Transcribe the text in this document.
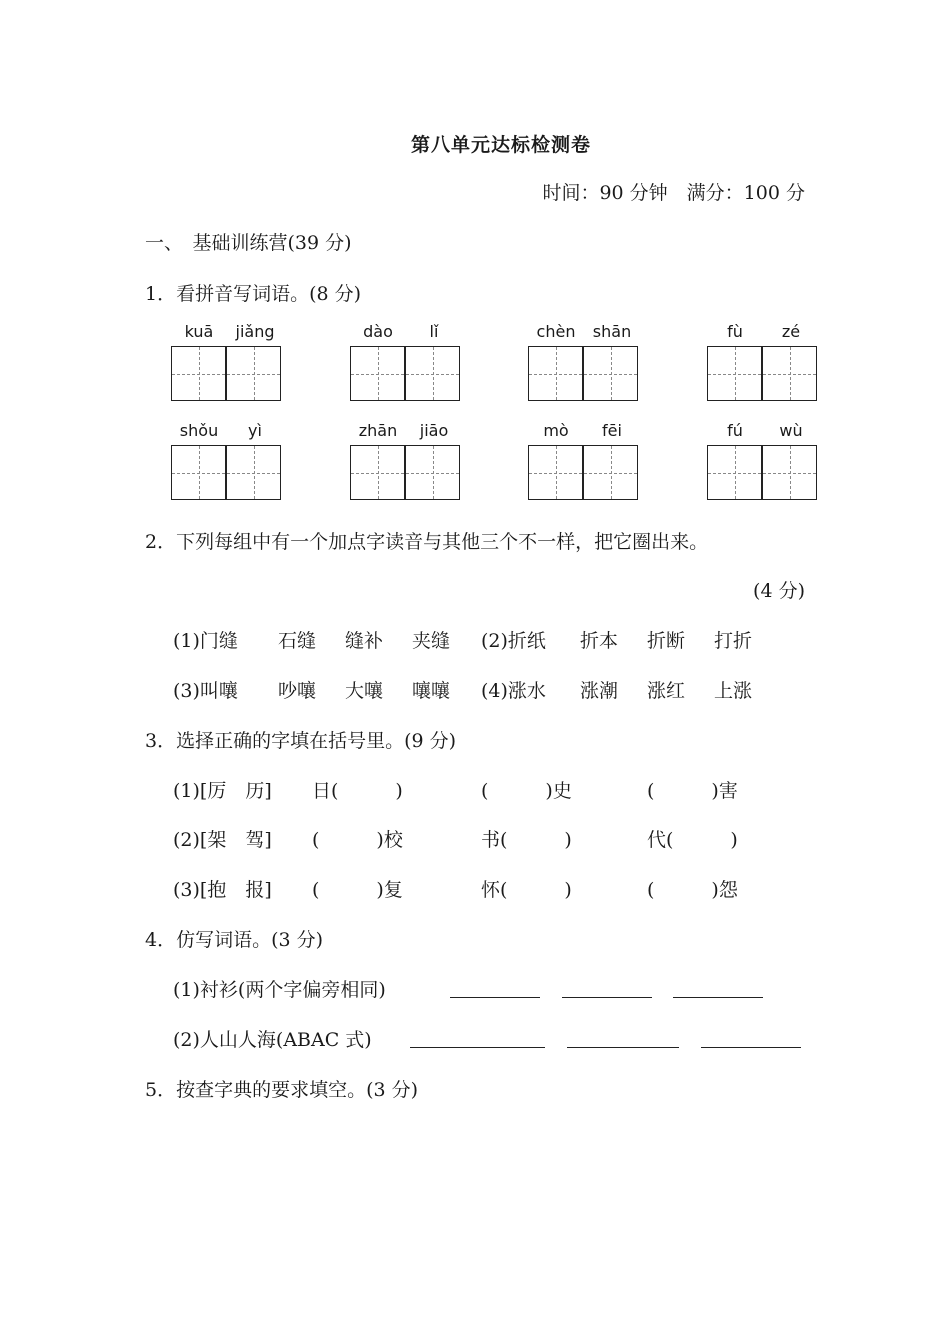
第八单元达标检测卷
时间：90 分钟　满分：100 分
一、　基础训练营(39 分)
1．看拼音写词语。(8 分)
kuā	jiǎng	dào	lǐ	chèn	shān	fù	zé
shǒu	yì	zhān	jiāo	mò	fēi	fú	wù
2．下列每组中有一个加点字读音与其他三个不一样，把它圈出来。
(4 分)
(1)门缝 石缝 缝补 夹缝 (2)折纸 折本 折断 打折
(3)叫嚷 吵嚷 大嚷 嚷嚷 (4)涨水 涨潮 涨红 上涨
3．选择正确的字填在括号里。(9 分)
(1)[厉　历] 日(　　　)	(　　　)史	(　　　)害
(2)[架　驾] (　　　)校	书(　　　)	代(　　　)
(3)[抱　报] (　　　)复	怀(　　　)	(　　　)怨
4．仿写词语。(3 分)
(1)衬衫(两个字偏旁相同)
(2)人山人海(ABAC 式)
5．按查字典的要求填空。(3 分)
